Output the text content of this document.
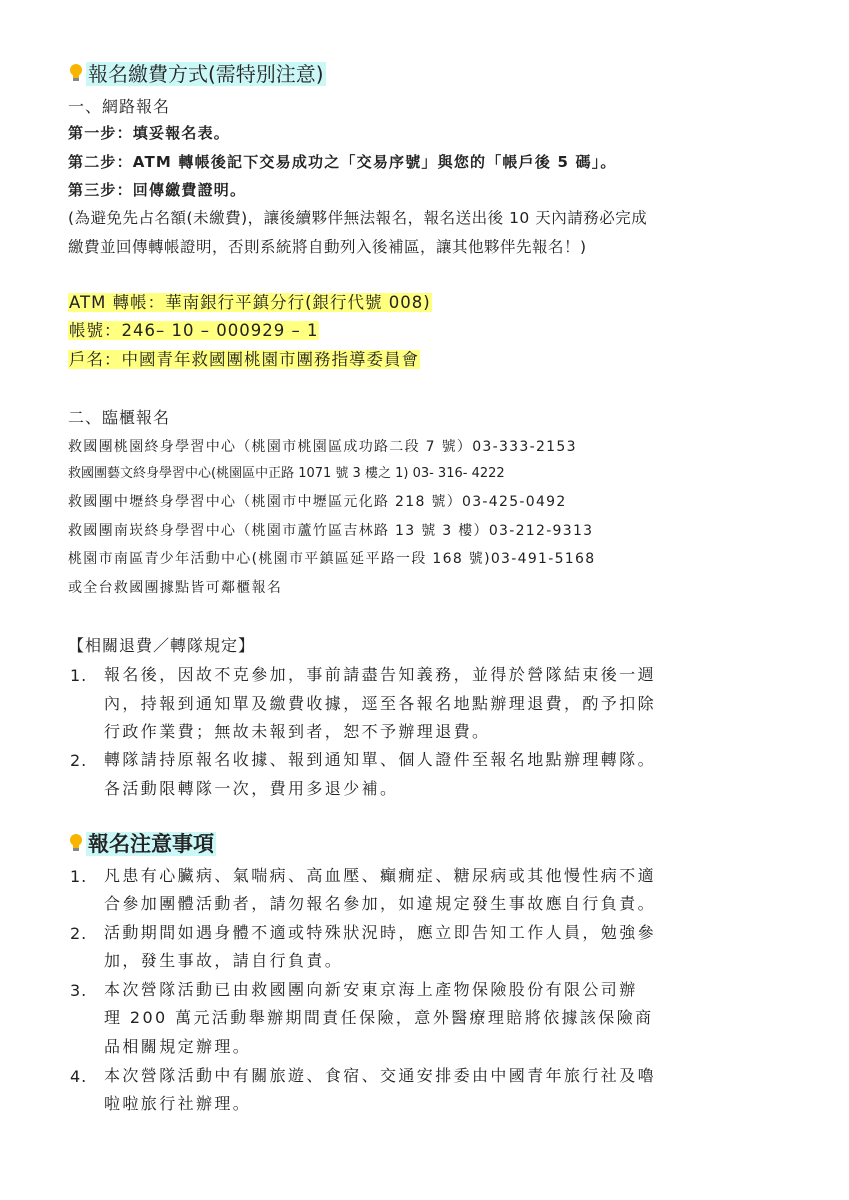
報名繳費方式(需特別注意)
一、網路報名
第一步：填妥報名表。
第二步：ATM 轉帳後記下交易成功之「交易序號」與您的「帳戶後 5 碼」。
第三步：回傳繳費證明。
(為避免先占名額(未繳費)，讓後續夥伴無法報名，報名送出後 10 天內請務必完成
繳費並回傳轉帳證明，否則系統將自動列入後補區，讓其他夥伴先報名！)
ATM 轉帳：華南銀行平鎮分行(銀行代號 008)
帳號：246– 10 – 000929 – 1
戶名：中國青年救國團桃園市團務指導委員會
二、臨櫃報名
救國團桃園終身學習中心（桃園市桃園區成功路二段 7 號）03-333-2153
救國團藝文終身學習中心(桃園區中正路 1071 號 3 樓之 1) 03- 316- 4222
救國團中壢終身學習中心（桃園市中壢區元化路 218 號）03-425-0492
救國團南崁終身學習中心（桃園市蘆竹區吉林路 13 號 3 樓）03-212-9313
桃園市南區青少年活動中心(桃園市平鎮區延平路一段 168 號)03-491-5168
或全台救國團據點皆可鄰櫃報名
【相關退費／轉隊規定】
1. 報名後，因故不克參加，事前請盡告知義務，並得於營隊結束後一週
內，持報到通知單及繳費收據，逕至各報名地點辦理退費，酌予扣除
行政作業費；無故未報到者，恕不予辦理退費。
2. 轉隊請持原報名收據、報到通知單、個人證件至報名地點辦理轉隊。
各活動限轉隊一次，費用多退少補。
報名注意事項
1. 凡患有心臟病、氣喘病、高血壓、癲癇症、糖尿病或其他慢性病不適
合參加團體活動者，請勿報名參加，如違規定發生事故應自行負責。
2. 活動期間如遇身體不適或特殊狀況時，應立即告知工作人員，勉強參
加，發生事故，請自行負責。
3. 本次營隊活動已由救國團向新安東京海上產物保險股份有限公司辦
理 200 萬元活動舉辦期間責任保險，意外醫療理賠將依據該保險商
品相關規定辦理。
4. 本次營隊活動中有關旅遊、食宿、交通安排委由中國青年旅行社及嚕
啦啦旅行社辦理。
